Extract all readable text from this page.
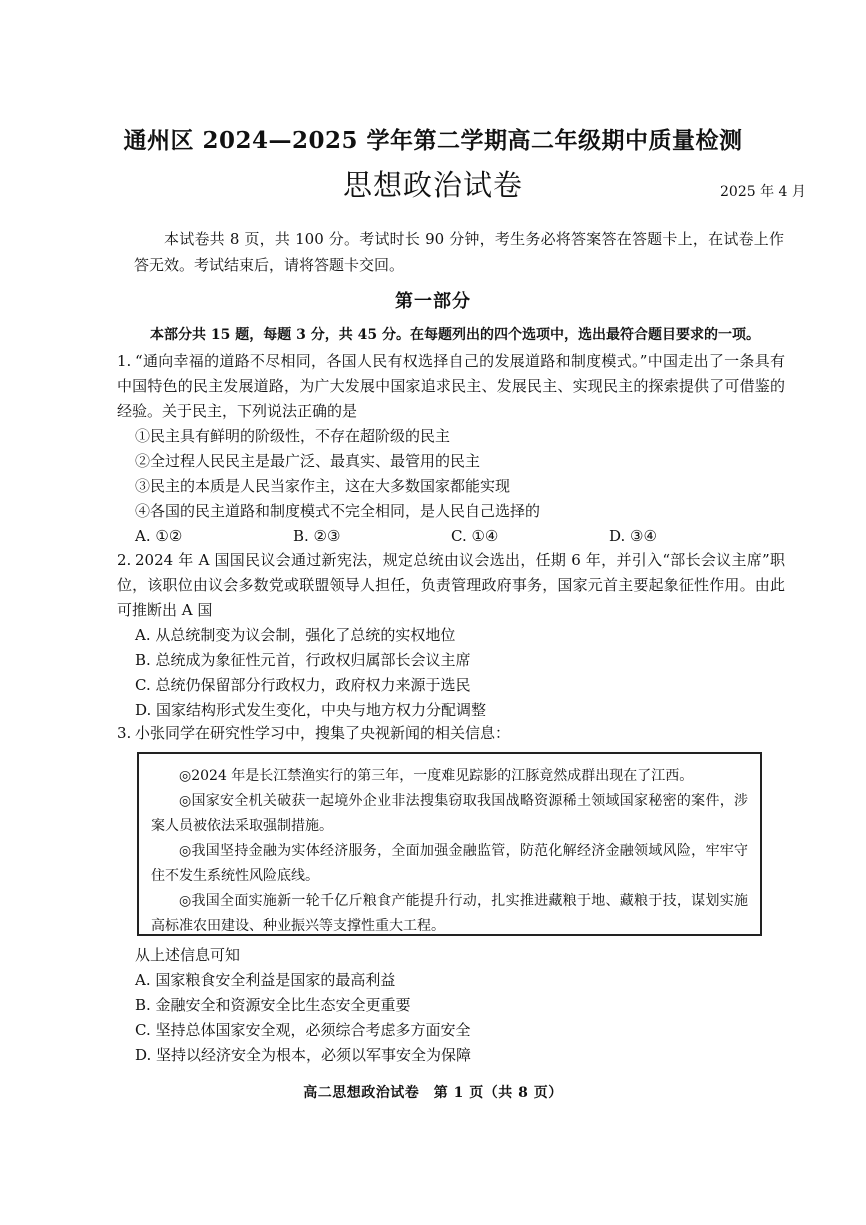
通州区 2024—2025 学年第二学期高二年级期中质量检测
思想政治试卷	2025 年 4 月
本试卷共 8 页，共 100 分。考试时长 90 分钟，考生务必将答案答在答题卡上，在试卷上作答无效。考试结束后，请将答题卡交回。
第一部分
本部分共 15 题，每题 3 分，共 45 分。在每题列出的四个选项中，选出最符合题目要求的一项。
1. “通向幸福的道路不尽相同，各国人民有权选择自己的发展道路和制度模式。”中国走出了一条具有中国特色的民主发展道路，为广大发展中国家追求民主、发展民主、实现民主的探索提供了可借鉴的经验。关于民主，下列说法正确的是
①民主具有鲜明的阶级性，不存在超阶级的民主
②全过程人民民主是最广泛、最真实、最管用的民主
③民主的本质是人民当家作主，这在大多数国家都能实现
④各国的民主道路和制度模式不完全相同，是人民自己选择的
A. ①②	B. ②③	C. ①④	D. ③④
2. 2024 年 A 国国民议会通过新宪法，规定总统由议会选出，任期 6 年，并引入“部长会议主席”职位，该职位由议会多数党或联盟领导人担任，负责管理政府事务，国家元首主要起象征性作用。由此可推断出 A 国
A. 从总统制变为议会制，强化了总统的实权地位
B. 总统成为象征性元首，行政权归属部长会议主席
C. 总统仍保留部分行政权力，政府权力来源于选民
D. 国家结构形式发生变化，中央与地方权力分配调整
3. 小张同学在研究性学习中，搜集了央视新闻的相关信息：

◎2024 年是长江禁渔实行的第三年，一度难见踪影的江豚竟然成群出现在了江西。

◎国家安全机关破获一起境外企业非法搜集窃取我国战略资源稀土领域国家秘密的案件，涉案人员被依法采取强制措施。

◎我国坚持金融为实体经济服务，全面加强金融监管，防范化解经济金融领域风险，牢牢守住不发生系统性风险底线。

◎我国全面实施新一轮千亿斤粮食产能提升行动，扎实推进藏粮于地、藏粮于技，谋划实施高标准农田建设、种业振兴等支撑性重大工程。

从上述信息可知
A. 国家粮食安全利益是国家的最高利益
B. 金融安全和资源安全比生态安全更重要
C. 坚持总体国家安全观，必须综合考虑多方面安全
D. 坚持以经济安全为根本，必须以军事安全为保障
高二思想政治试卷　第 1 页（共 8 页）
